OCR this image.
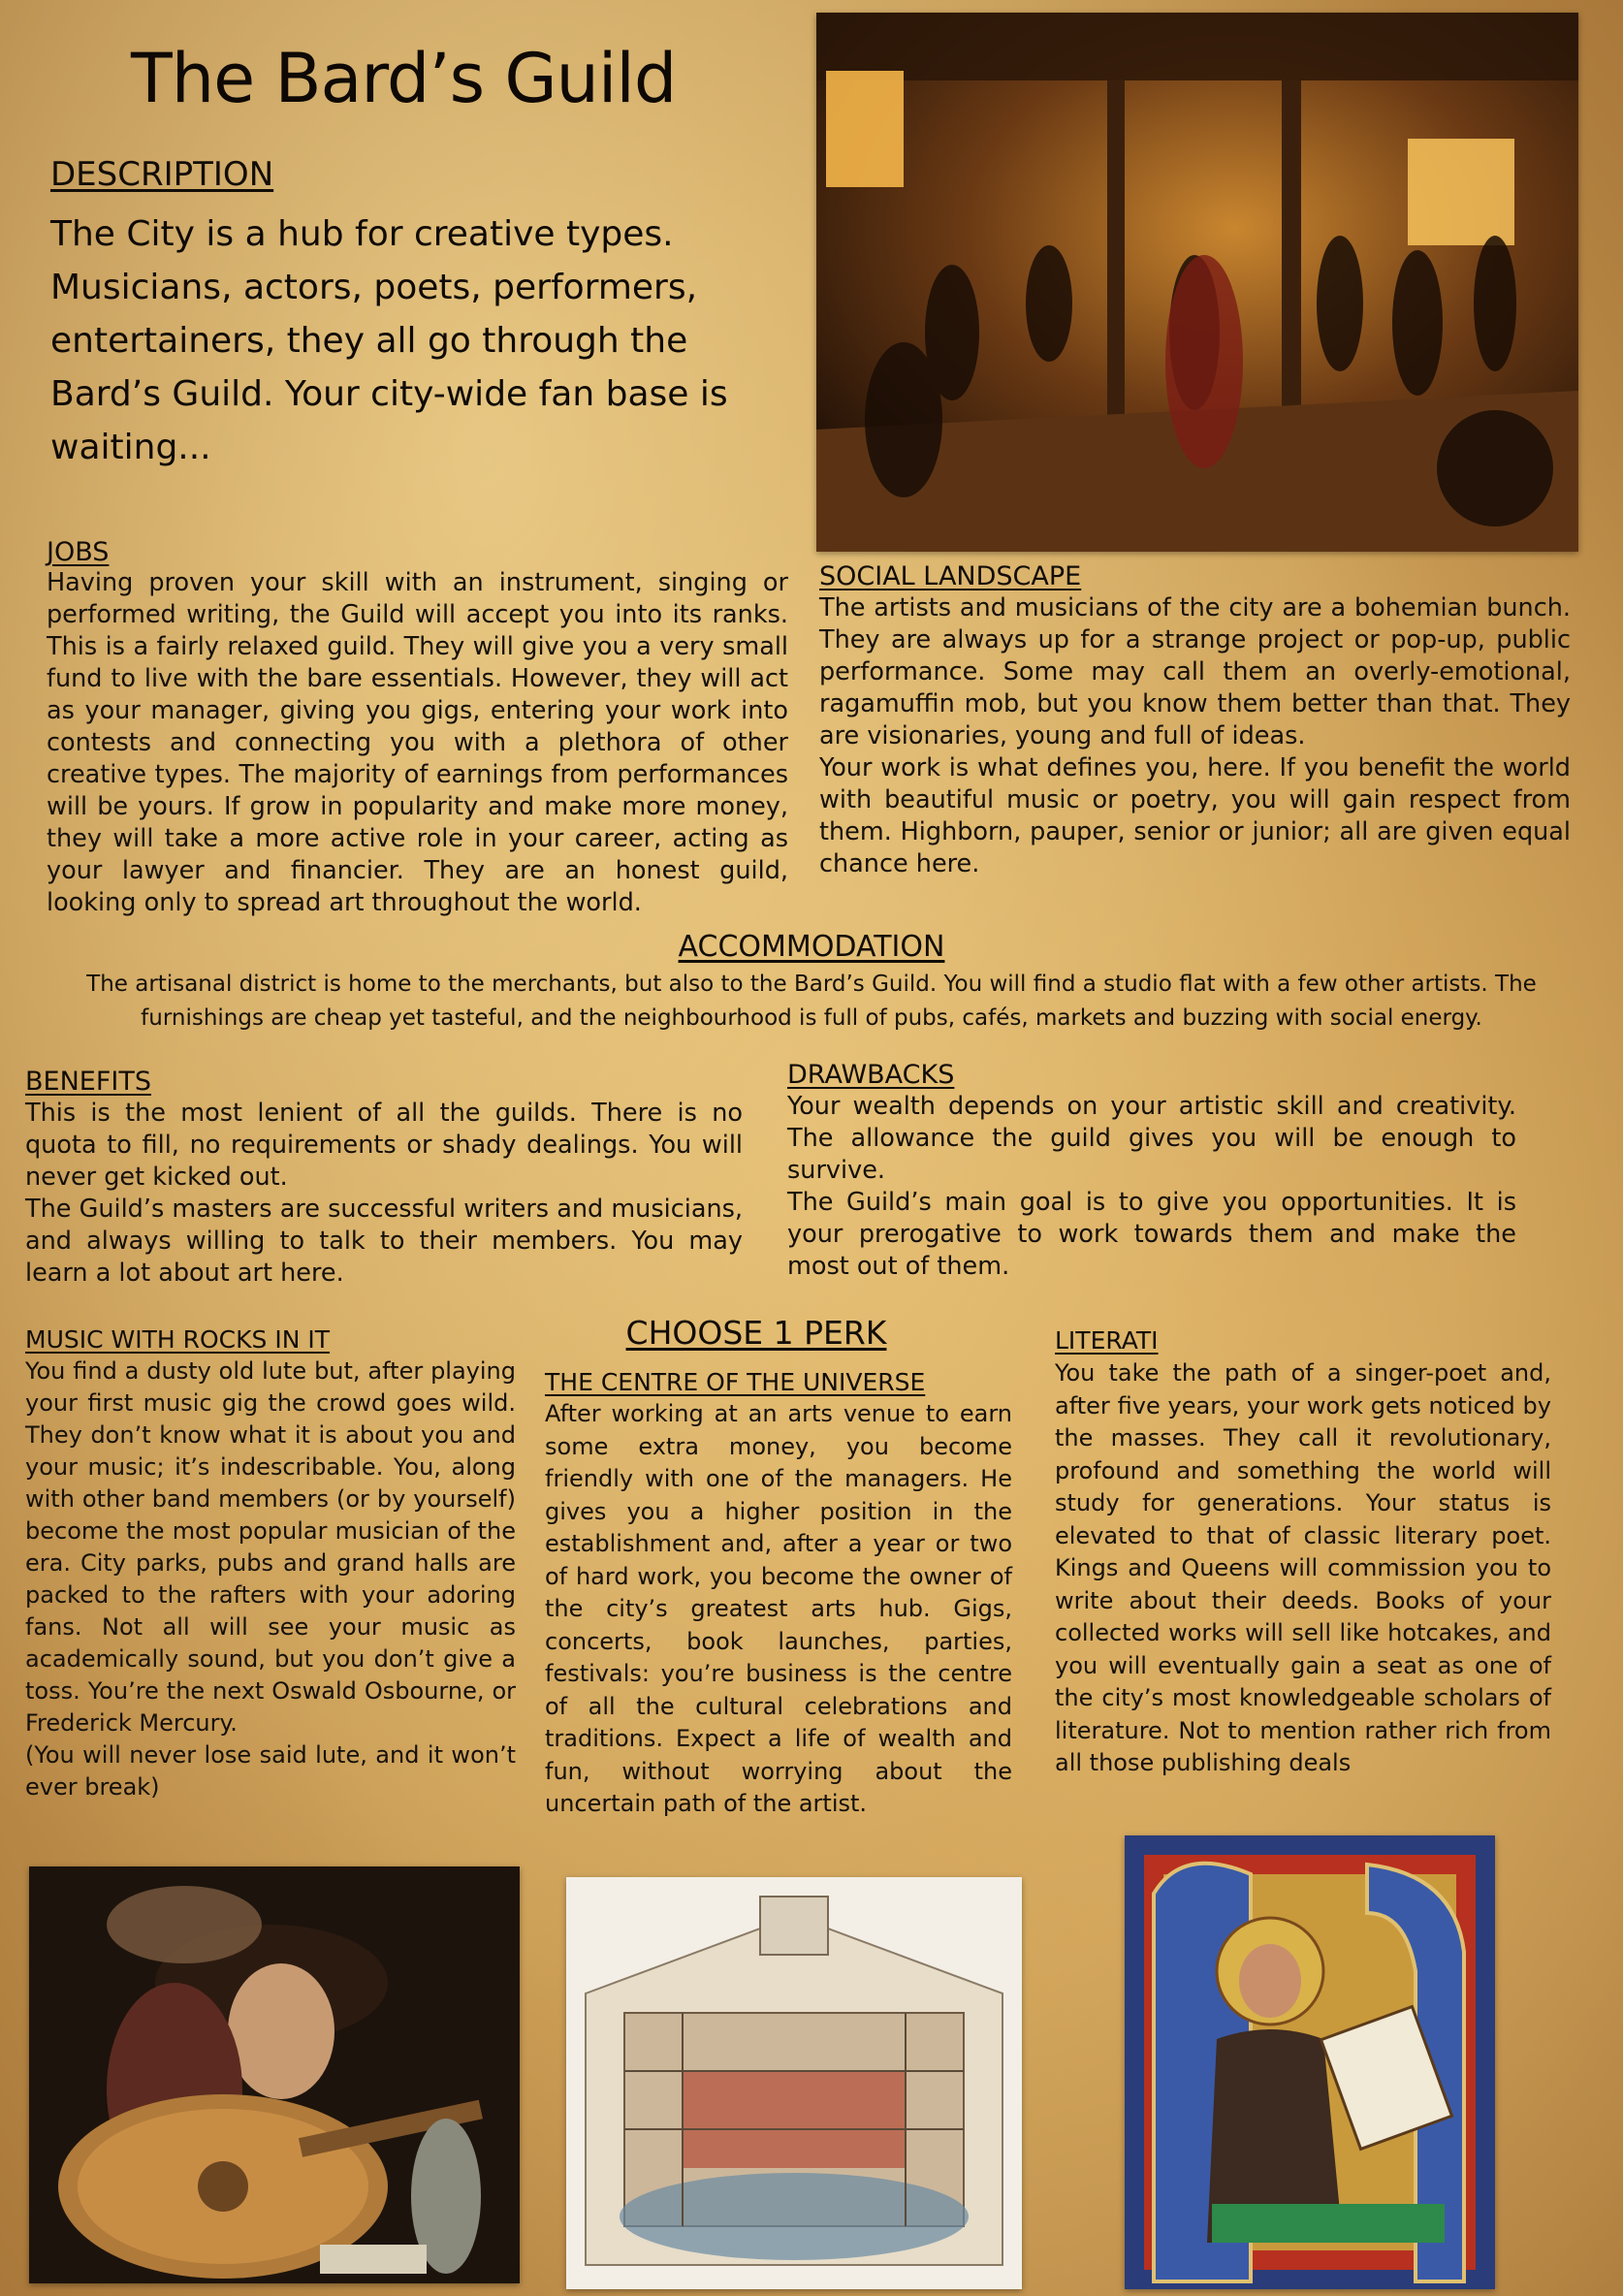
The Bard’s Guild
DESCRIPTION

The City is a hub for creative types. Musicians, actors, poets, performers, entertainers, they all go through the Bard’s Guild. Your city-wide fan base is waiting...

JOBS

Having proven your skill with an instrument, singing or performed writing, the Guild will accept you into its ranks. This is a fairly relaxed guild. They will give you a very small fund to live with the bare essentials. However, they will act as your manager, giving you gigs, entering your work into contests and connecting you with a plethora of other creative types. The majority of earnings from performances will be yours. If grow in popularity and make more money, they will take a more active role in your career, acting as your lawyer and financier. They are an honest guild, looking only to spread art throughout the world.

SOCIAL LANDSCAPE

The artists and musicians of the city are a bohemian bunch. They are always up for a strange project or pop-up, public performance. Some may call them an overly-emotional, ragamuffin mob, but you know them better than that. They are visionaries, young and full of ideas.

Your work is what defines you, here. If you benefit the world with beautiful music or poetry, you will gain respect from them. Highborn, pauper, senior or junior; all are given equal chance here.

ACCOMMODATION

The artisanal district is home to the merchants, but also to the Bard’s Guild. You will find a studio flat with a few other artists. The furnishings are cheap yet tasteful, and the neighbourhood is full of pubs, cafés, markets and buzzing with social energy.

BENEFITS

This is the most lenient of all the guilds. There is no quota to fill, no requirements or shady dealings. You will never get kicked out.

The Guild’s masters are successful writers and musicians, and always willing to talk to their members. You may learn a lot about art here.

DRAWBACKS

Your wealth depends on your artistic skill and creativity. The allowance the guild gives you will be enough to survive.

The Guild’s main goal is to give you opportunities. It is your prerogative to work towards them and make the most out of them.

CHOOSE 1 PERK
MUSIC WITH ROCKS IN IT

You find a dusty old lute but, after playing your first music gig the crowd goes wild. They don’t know what it is about you and your music; it’s indescribable. You, along with other band members (or by yourself) become the most popular musician of the era. City parks, pubs and grand halls are packed to the rafters with your adoring fans. Not all will see your music as academically sound, but you don’t give a toss. You’re the next Oswald Osbourne, or Frederick Mercury.

(You will never lose said lute, and it won’t ever break)

THE CENTRE OF THE UNIVERSE

After working at an arts venue to earn some extra money, you become friendly with one of the managers. He gives you a higher position in the establishment and, after a year or two of hard work, you become the owner of the city’s greatest arts hub. Gigs, concerts, book launches, parties, festivals: you’re business is the centre of all the cultural celebrations and traditions. Expect a life of wealth and fun, without worrying about the uncertain path of the artist.

LITERATI

You take the path of a singer-poet and, after five years, your work gets noticed by the masses. They call it revolutionary, profound and something the world will study for generations. Your status is elevated to that of classic literary poet. Kings and Queens will commission you to write about their deeds. Books of your collected works will sell like hotcakes, and you will eventually gain a seat as one of the city’s most knowledgeable scholars of literature. Not to mention rather rich from all those publishing deals
